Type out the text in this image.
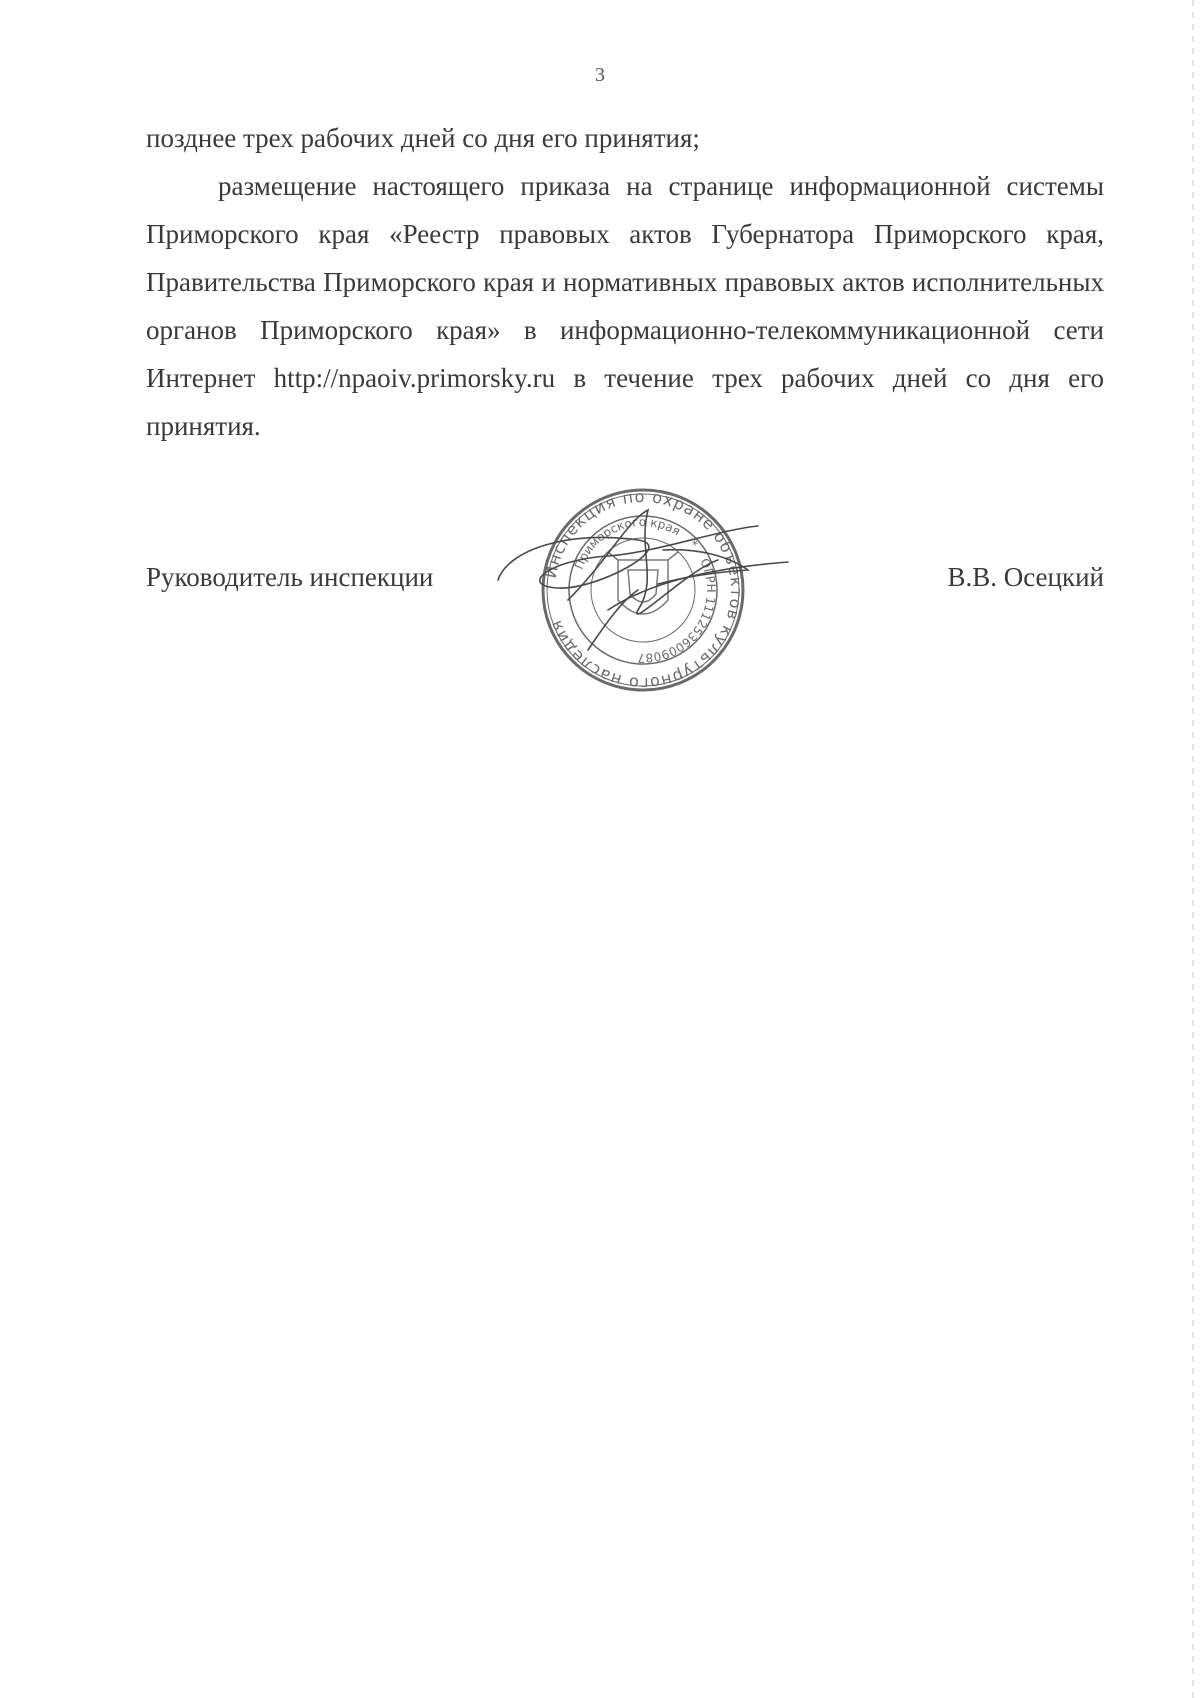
3

позднее трех рабочих дней со дня его принятия;

размещение настоящего приказа на странице информационной системы Приморского края «Реестр правовых актов Губернатора Приморского края, Правительства Приморского края и нормативных правовых актов исполнительных органов Приморского края» в информационно-телекоммуникационной сети Интернет http://npaoiv.primorsky.ru в течение трех рабочих дней со дня его принятия.

Руководитель инспекции	В.В. Осецкий
Инспекция по охране объектов культурного наследия
Приморского края * ОГРН 1112536009087
